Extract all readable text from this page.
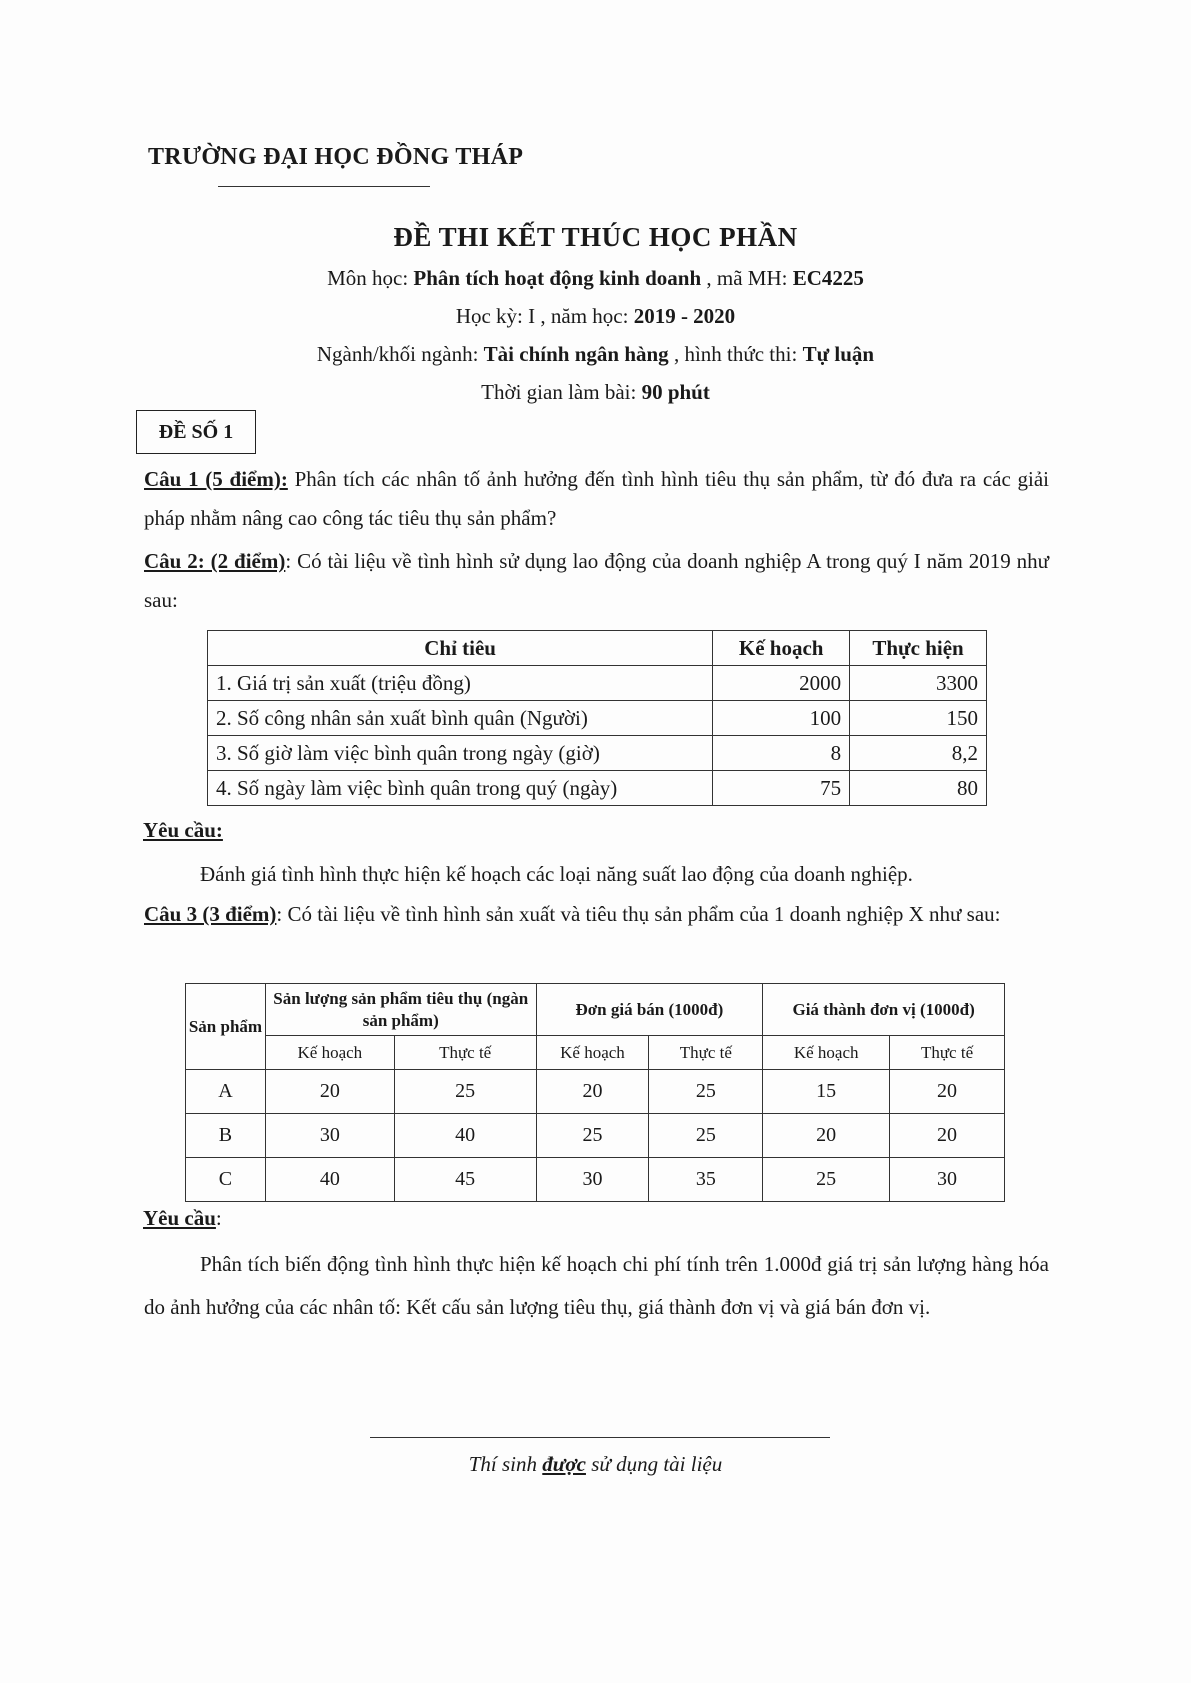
TRƯỜNG ĐẠI HỌC ĐỒNG THÁP
ĐỀ THI KẾT THÚC HỌC PHẦN
Môn học: Phân tích hoạt động kinh doanh , mã MH: EC4225
Học kỳ: I , năm học: 2019 - 2020
Ngành/khối ngành: Tài chính ngân hàng , hình thức thi: Tự luận
Thời gian làm bài: 90 phút
ĐỀ SỐ 1
Câu 1 (5 điểm): Phân tích các nhân tố ảnh hưởng đến tình hình tiêu thụ sản phẩm, từ đó đưa ra các giải pháp nhằm nâng cao công tác tiêu thụ sản phẩm?
Câu 2: (2 điểm): Có tài liệu về tình hình sử dụng lao động của doanh nghiệp A trong quý I năm 2019 như sau:
Chỉ tiêu	Kế hoạch	Thực hiện
1. Giá trị sản xuất (triệu đồng)	2000	3300
2. Số công nhân sản xuất bình quân (Người)	100	150
3. Số giờ làm việc bình quân trong ngày (giờ)	8	8,2
4. Số ngày làm việc bình quân trong quý (ngày)	75	80
Yêu cầu:
Đánh giá tình hình thực hiện kế hoạch các loại năng suất lao động của doanh nghiệp.
Câu 3 (3 điểm): Có tài liệu về tình hình sản xuất và tiêu thụ sản phẩm của 1 doanh nghiệp X như sau:
Sản phẩm	Sản lượng sản phẩm tiêu thụ (ngàn sản phẩm)		Đơn giá bán (1000đ)		Giá thành đơn vị (1000đ)	
	Kế hoạch	Thực tế	Kế hoạch	Thực tế	Kế hoạch	Thực tế
A	20	25	20	25	15	20
B	30	40	25	25	20	20
C	40	45	30	35	25	30
Yêu cầu:
Phân tích biến động tình hình thực hiện kế hoạch chi phí tính trên 1.000đ giá trị sản lượng hàng hóa do ảnh hưởng của các nhân tố: Kết cấu sản lượng tiêu thụ, giá thành đơn vị và giá bán đơn vị.
Thí sinh được sử dụng tài liệu
